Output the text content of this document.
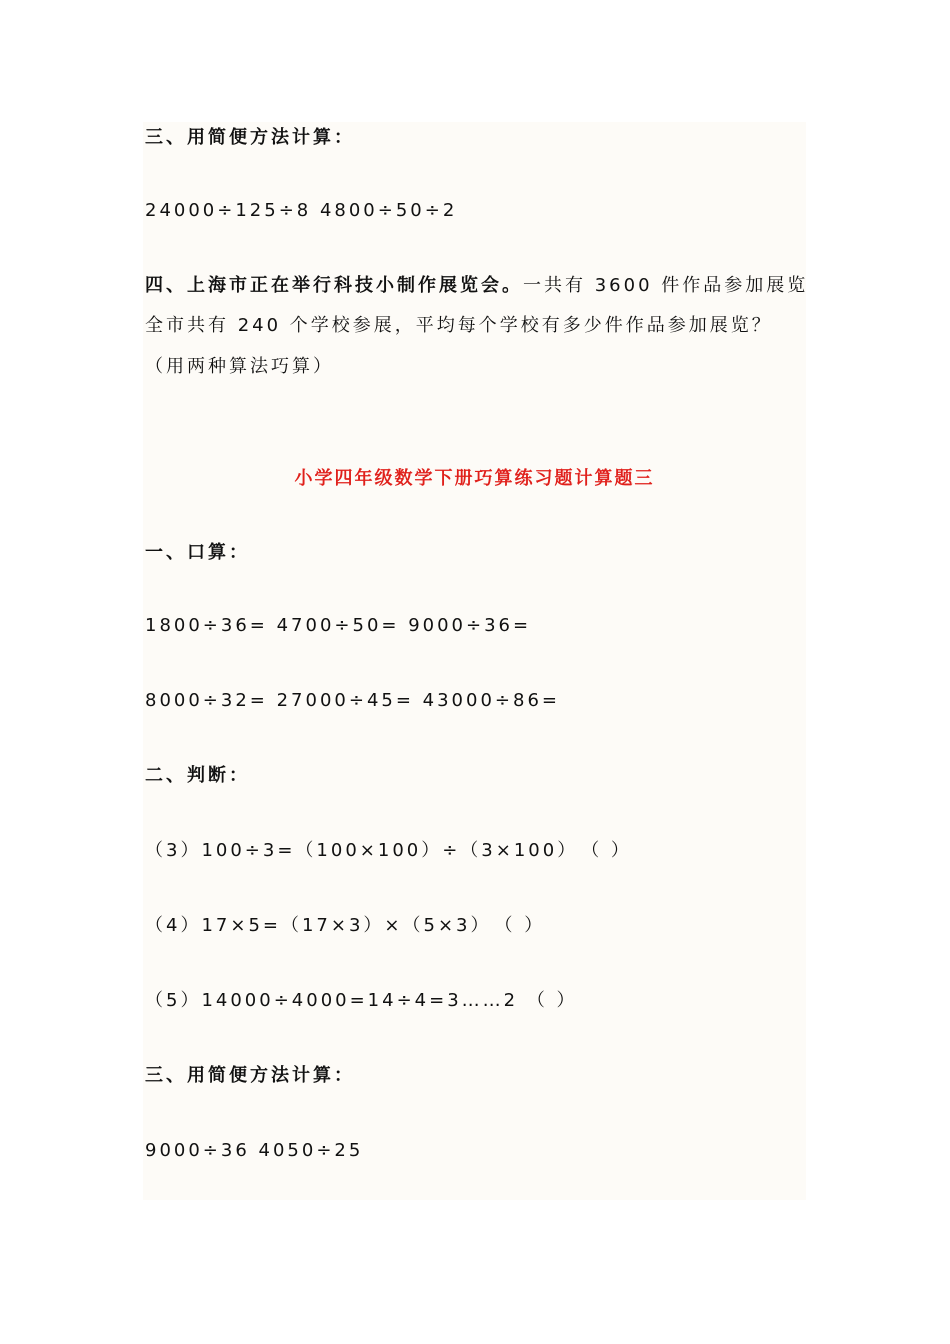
三、用简便方法计算：
24000÷125÷8 4800÷50÷2
四、上海市正在举行科技小制作展览会。一共有 3600 件作品参加展览
全市共有 240 个学校参展，平均每个学校有多少件作品参加展览？
（用两种算法巧算）
小学四年级数学下册巧算练习题计算题三
一、口算：
1800÷36= 4700÷50= 9000÷36=
8000÷32= 27000÷45= 43000÷86=
二、判断：
（3）100÷3=（100×100）÷（3×100）　（ ）
（4）17×5=（17×3）×（5×3）　（ ）
（5）14000÷4000=14÷4=3……2 （ ）
三、用简便方法计算：
9000÷36 4050÷25
